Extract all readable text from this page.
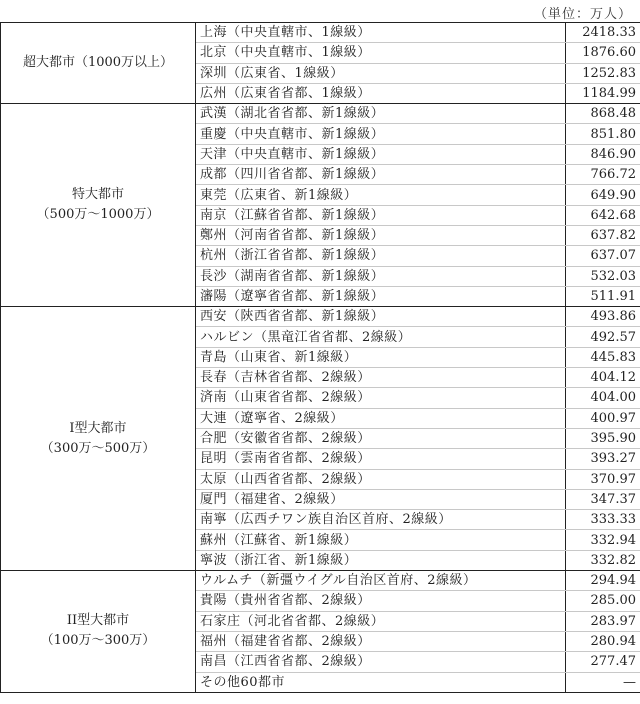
（単位：万人）
超大都市（1000万以上）	上海（中央直轄市、1線級）	2418.33
	北京（中央直轄市、1線級）	1876.60
	深圳（広東省、1線級）	1252.83
	広州（広東省省都、1線級）	1184.99

特大都市
（500万～1000万）	武漢（湖北省省都、新1線級）	868.48
	重慶（中央直轄市、新1線級）	851.80
	天津（中央直轄市、新1線級）	846.90
	成都（四川省省都、新1線級）	766.72
	東莞（広東省、新1線級）	649.90
	南京（江蘇省省都、新1線級）	642.68
	鄭州（河南省省都、新1線級）	637.82
	杭州（浙江省省都、新1線級）	637.07
	長沙（湖南省省都、新1線級）	532.03
	瀋陽（遼寧省省都、新1線級）	511.91

I型大都市
（300万～500万）	西安（陝西省省都、新1線級）	493.86
	ハルビン（黒竜江省省都、2線級）	492.57
	青島（山東省、新1線級）	445.83
	長春（吉林省省都、2線級）	404.12
	済南（山東省省都、2線級）	404.00
	大連（遼寧省、2線級）	400.97
	合肥（安徽省省都、2線級）	395.90
	昆明（雲南省省都、2線級）	393.27
	太原（山西省省都、2線級）	370.97
	厦門（福建省、2線級）	347.37
	南寧（広西チワン族自治区首府、2線級）	333.33
	蘇州（江蘇省、新1線級）	332.94
	寧波（浙江省、新1線級）	332.82

II型大都市
（100万～300万）	ウルムチ（新彊ウイグル自治区首府、2線級）	294.94
	貴陽（貴州省省都、2線級）	285.00
	石家庄（河北省省都、2線級）	283.97
	福州（福建省省都、2線級）	280.94
	南昌（江西省省都、2線級）	277.47
	その他60都市	—
